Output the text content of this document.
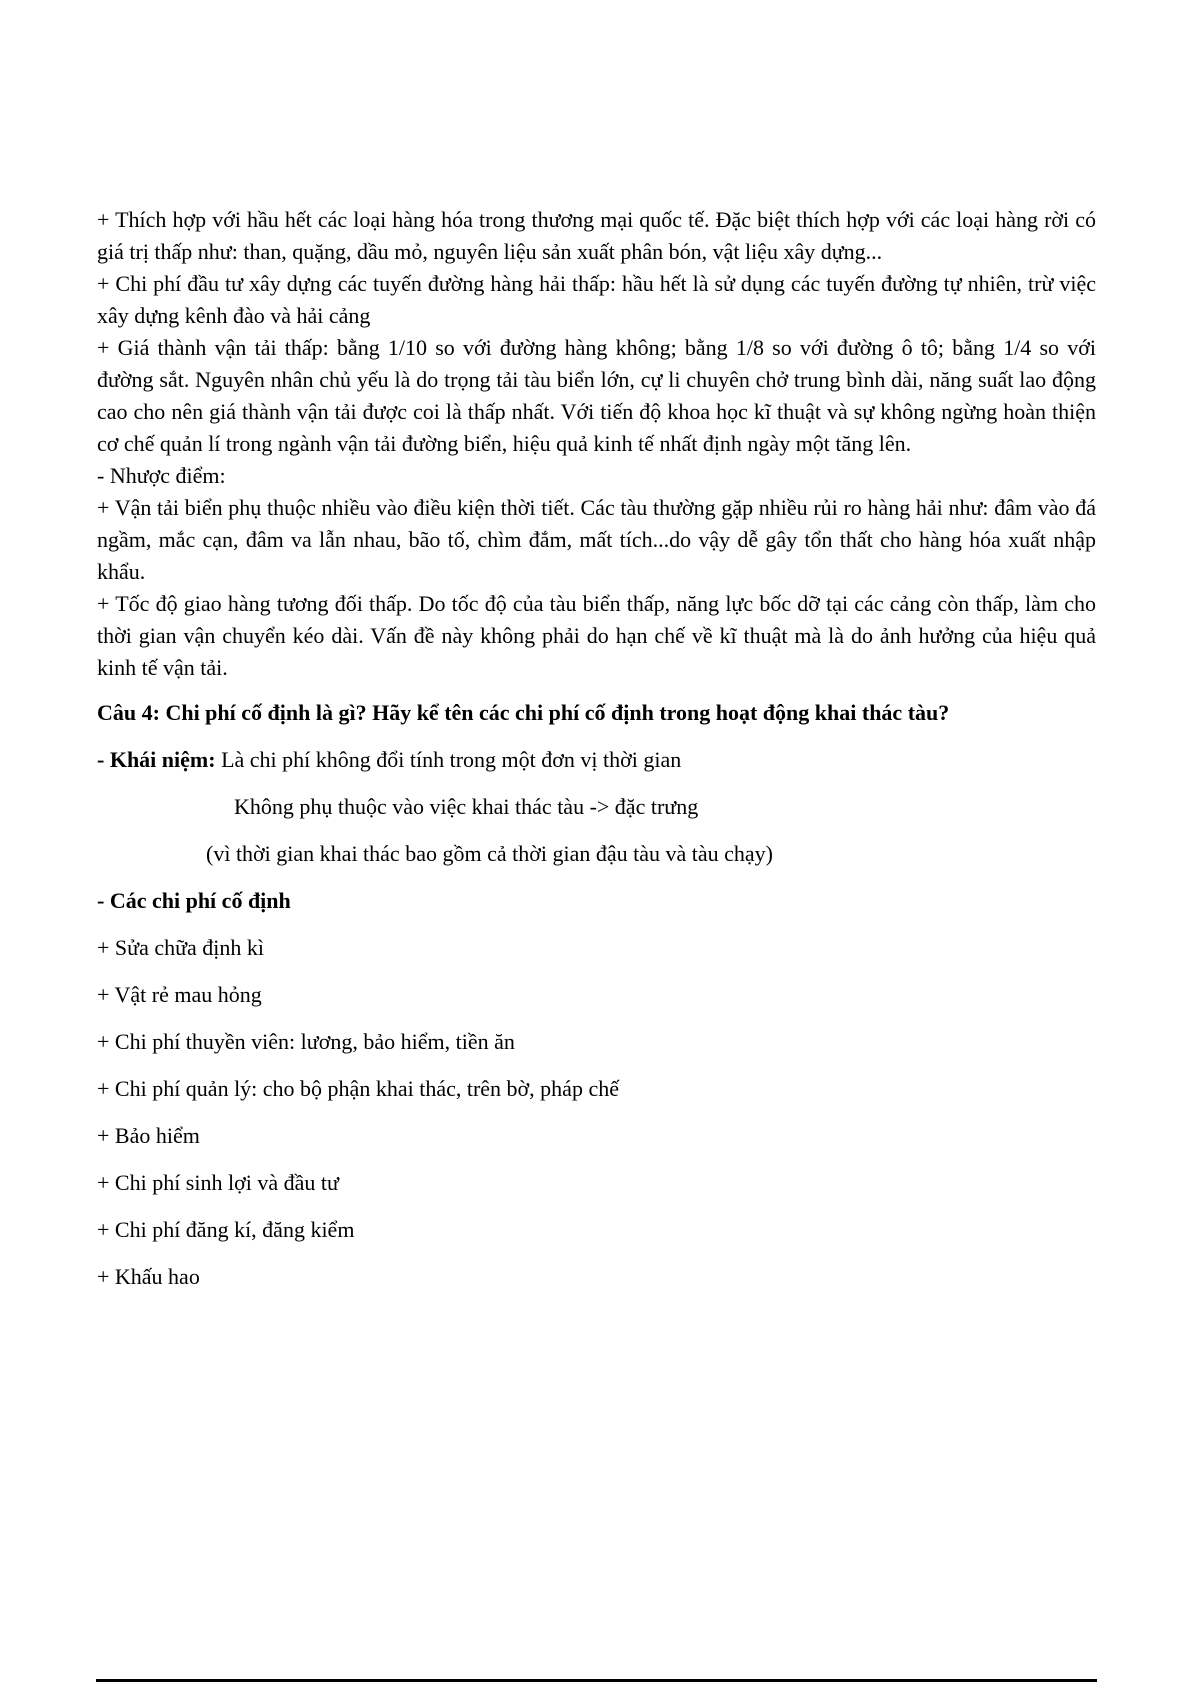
+ Thích hợp với hầu hết các loại hàng hóa trong thương mại quốc tế. Đặc biệt thích hợp với các loại hàng rời có giá trị thấp như: than, quặng, dầu mỏ, nguyên liệu sản xuất phân bón, vật liệu xây dựng...

+ Chi phí đầu tư xây dựng các tuyến đường hàng hải thấp: hầu hết là sử dụng các tuyến đường tự nhiên, trừ việc xây dựng kênh đào và hải cảng

+ Giá thành vận tải thấp: bằng 1/10 so với đường hàng không; bằng 1/8 so với đường ô tô; bằng 1/4 so với đường sắt. Nguyên nhân chủ yếu là do trọng tải tàu biển lớn, cự li chuyên chở trung bình dài, năng suất lao động cao cho nên giá thành vận tải được coi là thấp nhất. Với tiến độ khoa học kĩ thuật và sự không ngừng hoàn thiện cơ chế quản lí trong ngành vận tải đường biển, hiệu quả kinh tế nhất định ngày một tăng lên.

- Nhược điểm:

+ Vận tải biển phụ thuộc nhiều vào điều kiện thời tiết. Các tàu thường gặp nhiều rủi ro hàng hải như: đâm vào đá ngầm, mắc cạn, đâm va lẫn nhau, bão tố, chìm đắm, mất tích...do vậy dễ gây tổn thất cho hàng hóa xuất nhập khẩu.

+ Tốc độ giao hàng tương đối thấp. Do tốc độ của tàu biển thấp, năng lực bốc dỡ tại các cảng còn thấp, làm cho thời gian vận chuyển kéo dài. Vấn đề này không phải do hạn chế về kĩ thuật mà là do ảnh hưởng của hiệu quả kinh tế vận tải.

Câu 4: Chi phí cố định là gì? Hãy kể tên các chi phí cố định trong hoạt động khai thác tàu?

- Khái niệm: Là chi phí không đổi tính trong một đơn vị thời gian

Không phụ thuộc vào việc khai thác tàu -> đặc trưng

(vì thời gian khai thác bao gồm cả thời gian đậu tàu và tàu chạy)

- Các chi phí cố định

+ Sửa chữa định kì

+ Vật rẻ mau hỏng

+ Chi phí thuyền viên: lương, bảo hiểm, tiền ăn

+ Chi phí quản lý: cho bộ phận khai thác, trên bờ, pháp chế

+ Bảo hiểm

+ Chi phí sinh lợi và đầu tư

+ Chi phí đăng kí, đăng kiểm

+ Khấu hao
